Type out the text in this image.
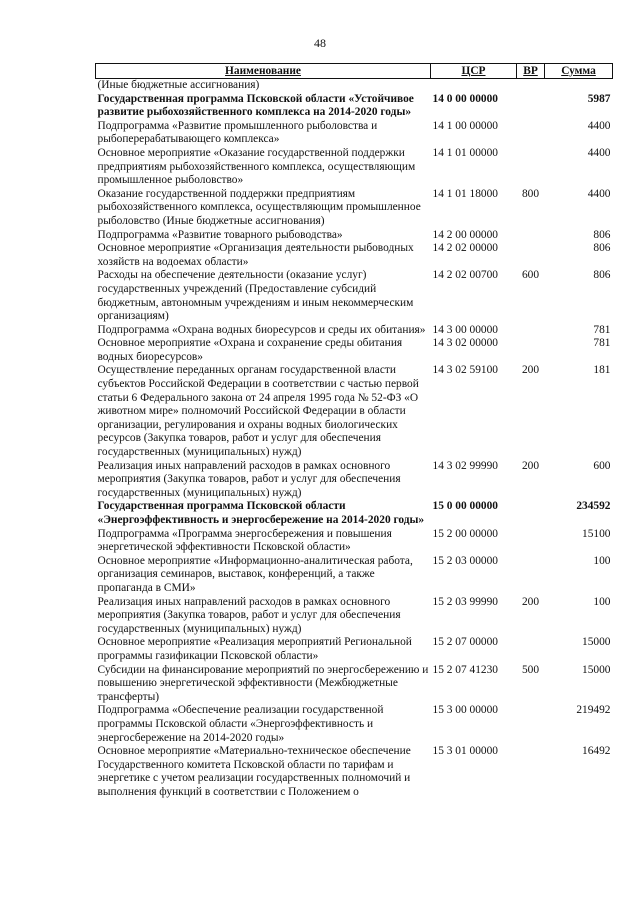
48
Наименование	ЦСР	ВР	Сумма
(Иные бюджетные ассигнования)			
Государственная программа Псковской области «Устойчивое развитие рыбохозяйственного комплекса на 2014-2020 годы»	14 0 00 00000		5987
Подпрограмма «Развитие промышленного рыболовства и рыбоперерабатывающего комплекса»	14 1 00 00000		4400
Основное мероприятие «Оказание государственной поддержки предприятиям рыбохозяйственного комплекса, осуществляющим промышленное рыболовство»	14 1 01 00000		4400
Оказание государственной поддержки предприятиям рыбохозяйственного комплекса, осуществляющим промышленное рыболовство (Иные бюджетные ассигнования)	14 1 01 18000	800	4400
Подпрограмма «Развитие товарного рыбоводства»	14 2 00 00000		806
Основное мероприятие «Организация деятельности рыбоводных хозяйств на водоемах области»	14 2 02 00000		806
Расходы на обеспечение деятельности (оказание услуг) государственных учреждений (Предоставление субсидий бюджетным, автономным учреждениям и иным некоммерческим организациям)	14 2 02 00700	600	806
Подпрограмма «Охрана водных биоресурсов и среды их обитания»	14 3 00 00000		781
Основное мероприятие «Охрана и сохранение среды обитания водных биоресурсов»	14 3 02 00000		781
Осуществление переданных органам государственной власти субъектов Российской Федерации в соответствии с частью первой статьи 6 Федерального закона от 24 апреля 1995 года № 52-ФЗ «О животном мире» полномочий Российской Федерации в области организации, регулирования и охраны водных биологических ресурсов (Закупка товаров, работ и услуг для обеспечения государственных (муниципальных) нужд)	14 3 02 59100	200	181
Реализация иных направлений расходов в рамках основного мероприятия (Закупка товаров, работ и услуг для обеспечения государственных (муниципальных) нужд)	14 3 02 99990	200	600
Государственная программа Псковской области «Энергоэффективность и энергосбережение на 2014-2020 годы»	15 0 00 00000		234592
Подпрограмма «Программа энергосбережения и повышения энергетической эффективности Псковской области»	15 2 00 00000		15100
Основное мероприятие «Информационно-аналитическая работа, организация семинаров, выставок, конференций, а также пропаганда в СМИ»	15 2 03 00000		100
Реализация иных направлений расходов в рамках основного мероприятия (Закупка товаров, работ и услуг для обеспечения государственных (муниципальных) нужд)	15 2 03 99990	200	100
Основное мероприятие «Реализация мероприятий Региональной программы газификации Псковской области»	15 2 07 00000		15000
Субсидии на финансирование мероприятий по энергосбережению и повышению энергетической эффективности (Межбюджетные трансферты)	15 2 07 41230	500	15000
Подпрограмма «Обеспечение реализации государственной программы Псковской области «Энергоэффективность и энергосбережение на 2014-2020 годы»	15 3 00 00000		219492
Основное мероприятие «Материально-техническое обеспечение Государственного комитета Псковской области по тарифам и энергетике с учетом реализации государственных полномочий и выполнения функций в соответствии с Положением о	15 3 01 00000		16492
